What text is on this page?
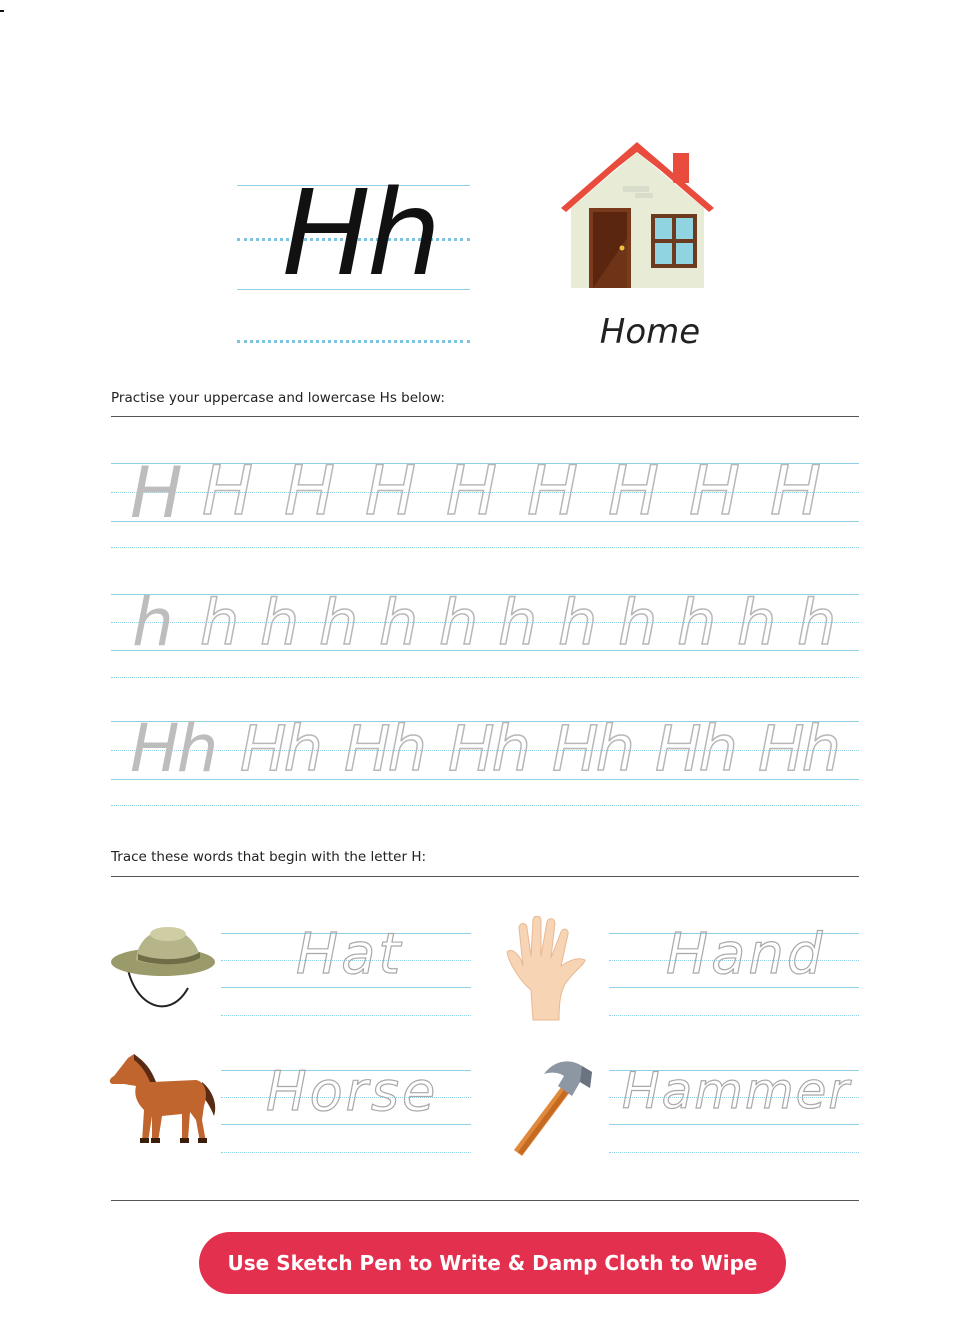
Hh
Home
Practise your uppercase and lowercase Hs below:
H H H H H H H H H
h h h h h h h h h h h h
Hh Hh Hh Hh Hh Hh Hh
Trace these words that begin with the letter H:
Hat	Hand
Horse	Hammer
Use Sketch Pen to Write & Damp Cloth to Wipe
